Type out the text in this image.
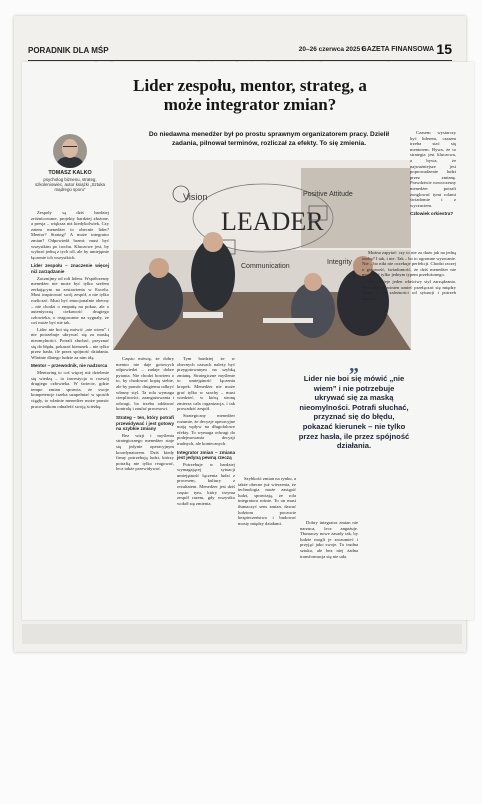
PORADNIK DLA MŚP	20–26 czerwca 2025 r.
GAZETA FINANSOWA 15
Lider zespołu, mentor, strateg, a może integrator zmian?
Do niedawna menedżer był po prostu sprawnym organizatorem pracy. Dzielił zadania, pilnował terminów, rozliczał za efekty. To się zmienia.
TOMASZ KALKO
psycholog biznesu, strateg, szkoleniowiec, autor książki „Sztuka mądrego sporu”
Vision	Positive Attitude
LEADER
Communication
Integrity

Zespoły są dziś bardziej zróżnicowane, projekty bardziej złożone, a presja – większa niż kiedykolwiek. Czy zatem menedżer to obecnie lider? Mentor? Strateg? A może integrator zmian? Odpowiedź brzmi: musi być wszystkim po trochu. Kluczowe jest, by wybrać jedną z tych ról, ale by umiejętnie łączenie ich wszystkich.

Lider zespołu – znaczenie więcej niż zarządzanie

Zacznijmy od roli lidera. Współczesny menedżer nie może być tylko szefem zerkającym na zestawienia w Excelu. Musi inspirować swój zespół, a nie tylko rozliczać. Musi być emocjonalnie obecny – nie chodzi o empatię na pokaz, ale o autentyczną ciekawość drugiego człowieka, o reagowanie na sygnały, że coś może być nie tak.

Lider nie boi się mówić „nie wiem” i nie potrzebuje ukrywać się za maską nieomylności. Potrafi słuchać, przyznać się do błędu, pokazać kierunek – nie tylko przez hasła, ile przez spójność działania. Właśnie dlatego ludzie za nim idą.

Mentor – przewodnik, nie nadzorca

Mentoring to coś więcej niż dzielenie się wiedzą – to inwestycja w rozwój drugiego człowieka. W świecie, gdzie tempo zmian sprawia, że swoje kompetencje trzeba uzupełniać w sposób ciągły, to właśnie menedżer może pomóc pracownikom odnaleźć swoją ścieżkę.

Często mówię, że dobry mentor nie daje gotowych odpowiedzi – zadaje dobre pytania. Nie chodzi bowiem o to, by chodować kopię siebie, ale by pomóc drugiemu odkryć własny styl. Ta rola wymaga cierpliwości, zaangażowania i odwagi, bo trzeba oddawać kontrolę i zaufać procesowi.

Strateg – ten, który potrafi przewidywać i jest gotowy na szybkie zmiany

Bez wizji i myślenia strategicznego menedżer staje się jedynie operacyjnym koordynatorem. Dziś kiedy firmy potrzebują ludzi, którzy potrafią nie tylko reagować, lecz także przewidywać.

Tym bardziej że w obecnych czasach należy być przygotowanym na szybką zmianę. Strategiczne myślenie to umiejętność łączenia kropek. Menedżer nie może grać tylko w szachy – musi wiedzieć, w którą stronę zmierza cała organizacja, i tak prowadzić zespół.

Strategiczny menedżer rozumie, że decyzje operacyjne mają wpływ na długofalowe efekty. To wymaga odwagi do podejmowania decyzji trudnych, ale koniecznych.

Integrator zmian – zmiana jest jedyną pewną rzeczą

Potrzebuje w bardziej wymagającej sytuacji umiejętność łączenia ludzi z procesem, kultury z rezultatem. Menedżer jest dziś często tym, który trzyma zespół razem, gdy wszystko wokół się zmienia.

„
Lider nie boi się mówić „nie wiem” i nie potrzebuje ukrywać się za maską nieomylności. Potrafi słuchać, przyznać się do błędu, pokazać kierunek – nie tylko przez hasła, ile przez spójność działania.

Szybkość zmian na rynku, a także obecne już wierzenia, że technologia może zastąpić ludzi, sprawiają, że rola integratora rośnie. To on musi tłumaczyć sens zmian, dawać ludziom poczucie bezpieczeństwa i budować mosty między działami.	Dobry integrator zmian nie narzuca, lecz angażuje. Tłumaczy nowe zasady tak, by ludzie mogli je zrozumieć i przyjąć jako swoje. To trudna sztuka, ale bez niej żadna transformacja się nie uda.

Czasem wystarczy być liderem, czasem trzeba stać się mentorem. Bywa, że to strategia jest kluczowa, a bywa, że najważniejsze jest poprowadzenie ludzi przez zmianę. Prawdziwie nowoczesny menedżer potrafi żonglować tymi rolami świadomie i z wyczuciem.

Człowiek orkiestra?

Można zapytać: czy to nie za dużo jak na jedną osobę? I tak, i nie. Tak – bo to ogromne wyzwanie. Nie – bo nikt nie oczekuje perfekcji. Chodzi raczej o gotowość, świadomość, że dziś menedżer nie może być tylko jednym typem przełożonego.

Nie istnieje jeden właściwy styl zarządzania. Menedżer powinien umieć przełączać się między rolami – w zależności od sytuacji i potrzeb zespołu.
